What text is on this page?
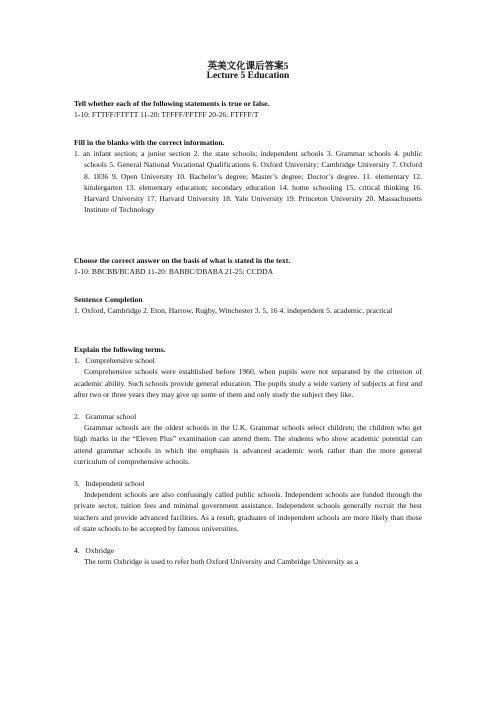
英美文化课后答案5
Lecture 5 Education
Tell whether each of the following statements is true or false.
1-10: FTTFF/FTFTT 11-20: TFFFF/FFTFF 20-26: FTFFF/T
Fill in the blanks with the correct information.
1. an infant section; a junior section 2. the state schools; independent schools 3. Grammar schools 4. public schools 5. General National Vocational Qualifications 6. Oxford University; Cambridge University 7. Oxford 8. 1836 9. Open University 10. Bachelor’s degree; Master’s degree; Doctor’s degree. 11. elementary 12. kindergarten 13. elementary education; secondary education 14. home schooling 15. critical thinking 16. Harvard University 17. Harvard University 18. Yale University 19. Princeton University 20. Massachusetts Institute of Technology
Choose the correct answer on the basis of what is stated in the text.
1-10: BBCBB/BCABD 11-20: BABBC/DBABA 21-25: CCDDA
Sentence Completion
1. Oxford, Cambridge 2. Eton, Harrow, Rugby, Winchester 3. 5, 16 4. independent 5. academic, practical
Explain the following terms.
1.   Comprehensive school
Comprehensive schools were established before 1960, when pupils were not separated by the criterion of academic ability. Such schools provide general education. The pupils study a wide variety of subjects at first and after two or three years they may give up some of them and only study the subject they like.
2.   Grammar school
Grammar schools are the oldest schools in the U.K. Grammar schools select children; the children who get high marks in the “Eleven Plus” examination can attend them. The students who show academic potential can attend grammar schools in which the emphasis is advanced academic work rather than the more general curriculum of comprehensive schools.
3.   Independent school
Independent schools are also confusingly called public schools. Independent schools are funded through the private sector, tuition fees and minimal government assistance. Independent schools generally recruit the best teachers and provide advanced facilities. As a result, graduates of independent schools are more likely than those of state schools to be accepted by famous universities.
4.   Oxbridge
The term Oxbridge is used to refer both Oxford University and Cambridge University as a
